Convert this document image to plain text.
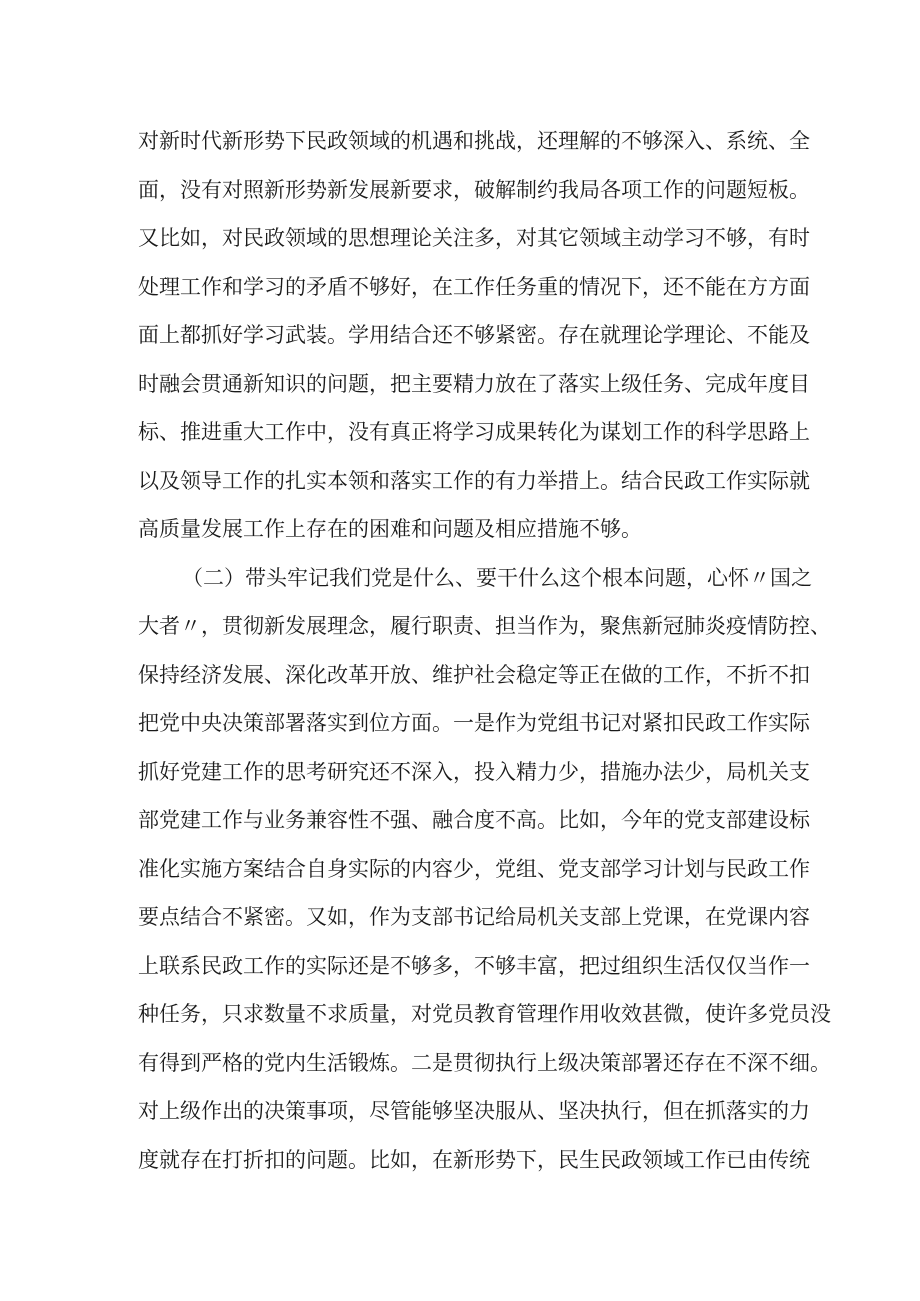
对新时代新形势下民政领域的机遇和挑战，还理解的不够深入、系统、全
面，没有对照新形势新发展新要求，破解制约我局各项工作的问题短板。
又比如，对民政领域的思想理论关注多，对其它领域主动学习不够，有时
处理工作和学习的矛盾不够好，在工作任务重的情况下，还不能在方方面
面上都抓好学习武装。学用结合还不够紧密。存在就理论学理论、不能及
时融会贯通新知识的问题，把主要精力放在了落实上级任务、完成年度目
标、推进重大工作中，没有真正将学习成果转化为谋划工作的科学思路上
以及领导工作的扎实本领和落实工作的有力举措上。结合民政工作实际就
高质量发展工作上存在的困难和问题及相应措施不够。
（二）带头牢记我们党是什么、要干什么这个根本问题，心怀〃国之
大者〃，贯彻新发展理念，履行职责、担当作为，聚焦新冠肺炎疫情防控、
保持经济发展、深化改革开放、维护社会稳定等正在做的工作，不折不扣
把党中央决策部署落实到位方面。一是作为党组书记对紧扣民政工作实际
抓好党建工作的思考研究还不深入，投入精力少，措施办法少，局机关支
部党建工作与业务兼容性不强、融合度不高。比如，今年的党支部建设标
准化实施方案结合自身实际的内容少，党组、党支部学习计划与民政工作
要点结合不紧密。又如，作为支部书记给局机关支部上党课，在党课内容
上联系民政工作的实际还是不够多，不够丰富，把过组织生活仅仅当作一
种任务，只求数量不求质量，对党员教育管理作用收效甚微，使许多党员没
有得到严格的党内生活锻炼。二是贯彻执行上级决策部署还存在不深不细。
对上级作出的决策事项，尽管能够坚决服从、坚决执行，但在抓落实的力
度就存在打折扣的问题。比如，在新形势下，民生民政领域工作已由传统
